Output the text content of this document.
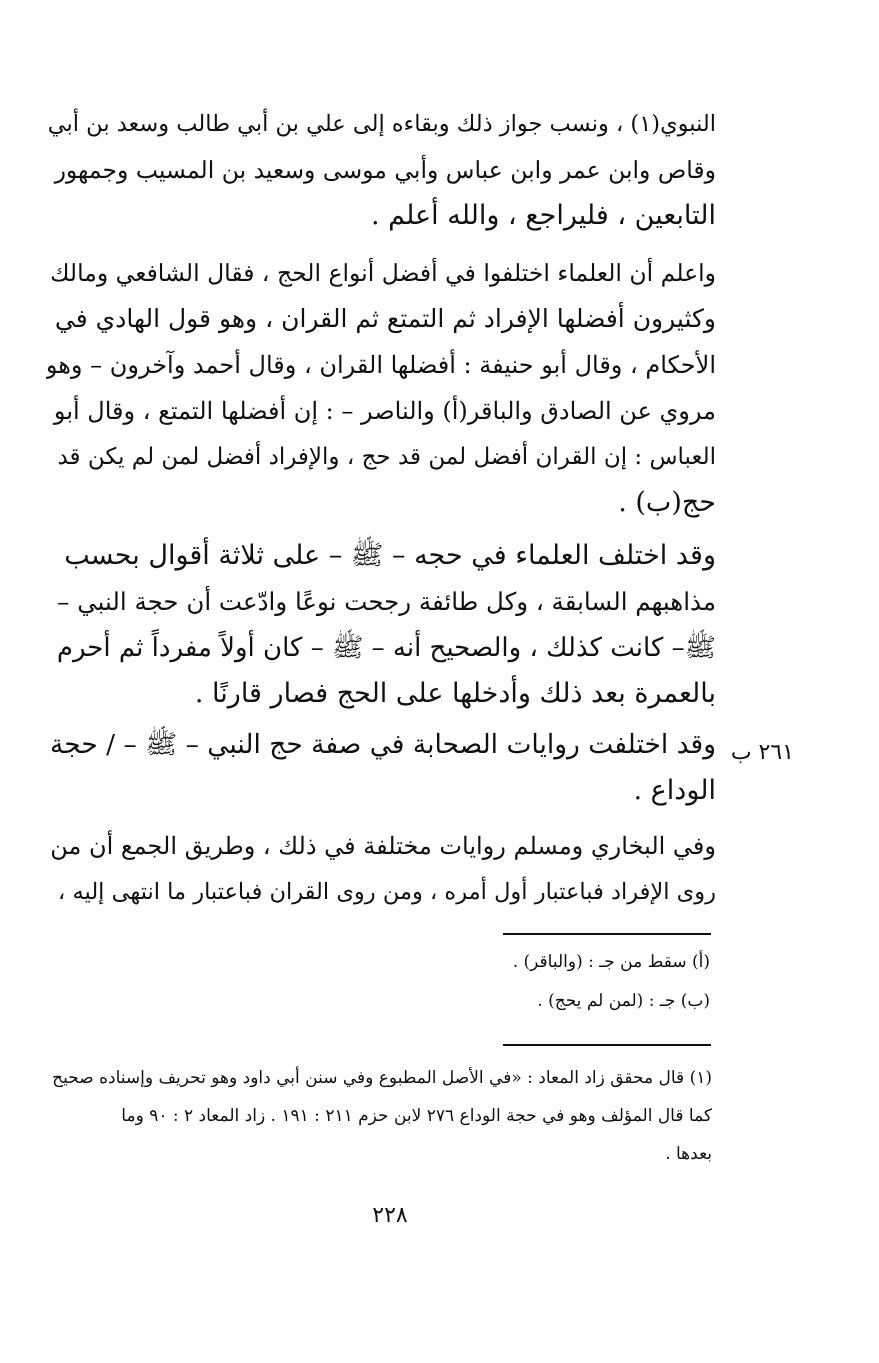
النبوي(١) ، ونسب جواز ذلك وبقاءه إلى علي بن أبي طالب وسعد بن أبي
وقاص وابن عمر وابن عباس وأبي موسى وسعيد بن المسيب وجمهور
التابعين ، فليراجع ، والله أعلم .
واعلم أن العلماء اختلفوا في أفضل أنواع الحج ، فقال الشافعي ومالك
وكثيرون أفضلها الإفراد ثم التمتع ثم القران ، وهو قول الهادي في
الأحكام ، وقال أبو حنيفة : أفضلها القران ، وقال أحمد وآخرون – وهو
مروي عن الصادق والباقر(أ) والناصر – : إن أفضلها التمتع ، وقال أبو
العباس : إن القران أفضل لمن قد حج ، والإفراد أفضل لمن لم يكن قد
حج(ب) .
وقد اختلف العلماء في حجه – ﷺ – على ثلاثة أقوال بحسب
مذاهبهم السابقة ، وكل طائفة رجحت نوعًا وادّعت أن حجة النبي –
ﷺ– كانت كذلك ، والصحيح أنه – ﷺ – كان أولاً مفرداً ثم أحرم
بالعمرة بعد ذلك وأدخلها على الحج فصار قارنًا .
٢٦١ ب
وقد اختلفت روايات الصحابة في صفة حج النبي – ﷺ – / حجة
الوداع .
وفي البخاري ومسلم روايات مختلفة في ذلك ، وطريق الجمع أن من
روى الإفراد فباعتبار أول أمره ، ومن روى القران فباعتبار ما انتهى إليه ،
(أ) سقط من جـ : (والباقر) .
(ب) جـ : (لمن لم يحج) .
(١) قال محقق زاد المعاد : «في الأصل المطبوع وفي سنن أبي داود وهو تحريف وإسناده صحيح
كما قال المؤلف وهو في حجة الوداع ٢٧٦ لابن حزم ٢١١ : ١٩١ . زاد المعاد ٢ : ٩٠ وما
بعدها .
٢٢٨
